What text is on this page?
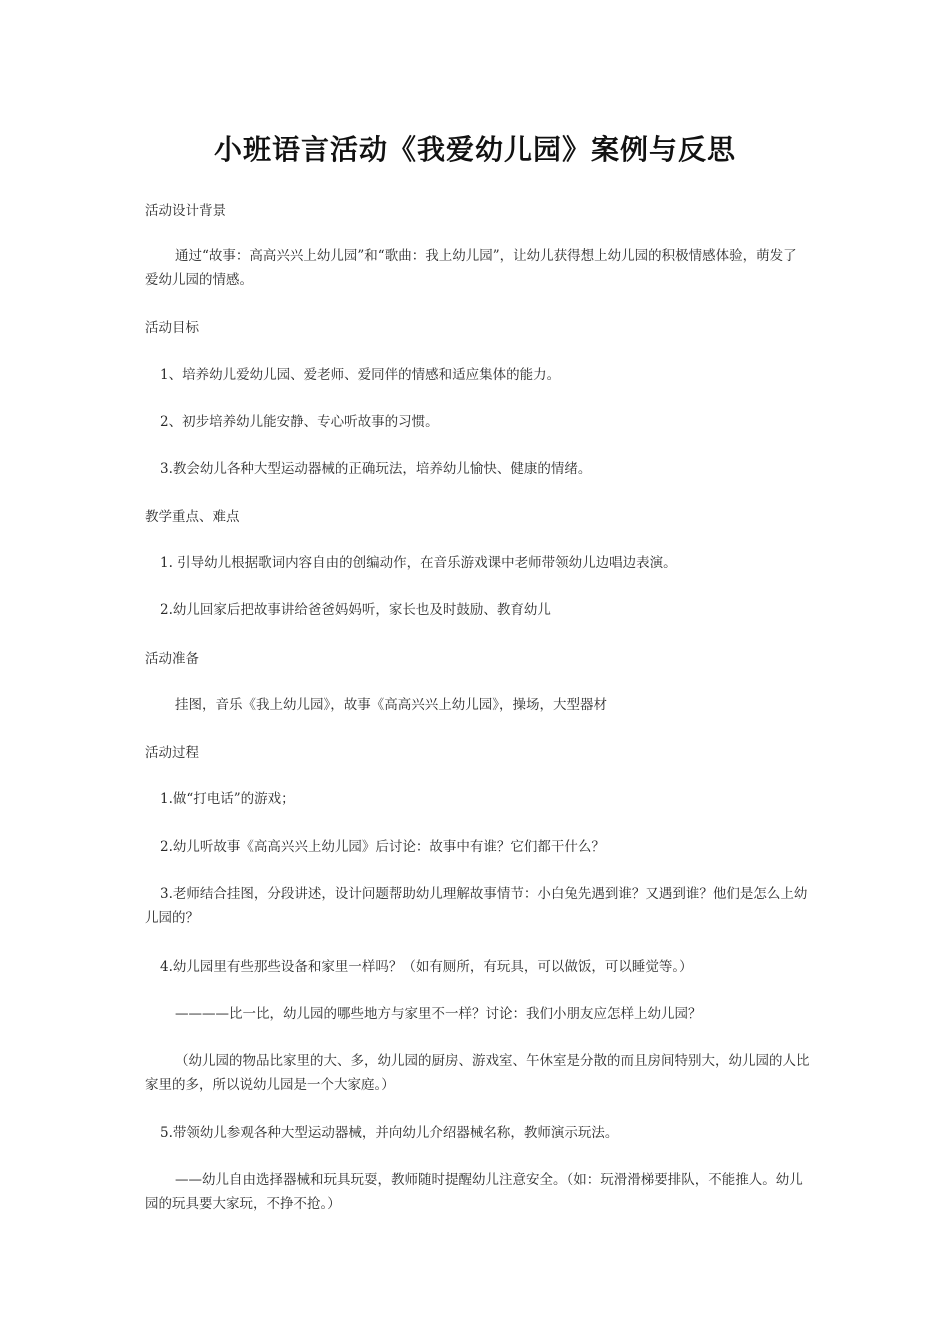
小班语言活动《我爱幼儿园》案例与反思
活动设计背景
通过“故事：高高兴兴上幼儿园”和“歌曲：我上幼儿园”，让幼儿获得想上幼儿园的积极情感体验，萌发了爱幼儿园的情感。
活动目标
1、培养幼儿爱幼儿园、爱老师、爱同伴的情感和适应集体的能力。
2、初步培养幼儿能安静、专心听故事的习惯。
3.教会幼儿各种大型运动器械的正确玩法，培养幼儿愉快、健康的情绪。
教学重点、难点
1. 引导幼儿根据歌词内容自由的创编动作，在音乐游戏课中老师带领幼儿边唱边表演。
2.幼儿回家后把故事讲给爸爸妈妈听，家长也及时鼓励、教育幼儿
活动准备
挂图，音乐《我上幼儿园》，故事《高高兴兴上幼儿园》，操场，大型器材
活动过程
1.做“打电话”的游戏；
2.幼儿听故事《高高兴兴上幼儿园》后讨论：故事中有谁？它们都干什么？
3.老师结合挂图，分段讲述，设计问题帮助幼儿理解故事情节：小白兔先遇到谁？又遇到谁？他们是怎么上幼儿园的？
4.幼儿园里有些那些设备和家里一样吗？（如有厕所，有玩具，可以做饭，可以睡觉等。）
————比一比，幼儿园的哪些地方与家里不一样？讨论：我们小朋友应怎样上幼儿园？
（幼儿园的物品比家里的大、多，幼儿园的厨房、游戏室、午休室是分散的而且房间特别大，幼儿园的人比家里的多，所以说幼儿园是一个大家庭。）
5.带领幼儿参观各种大型运动器械，并向幼儿介绍器械名称，教师演示玩法。
——幼儿自由选择器械和玩具玩耍，教师随时提醒幼儿注意安全。（如：玩滑滑梯要排队，不能推人。幼儿园的玩具要大家玩，不挣不抢。）
